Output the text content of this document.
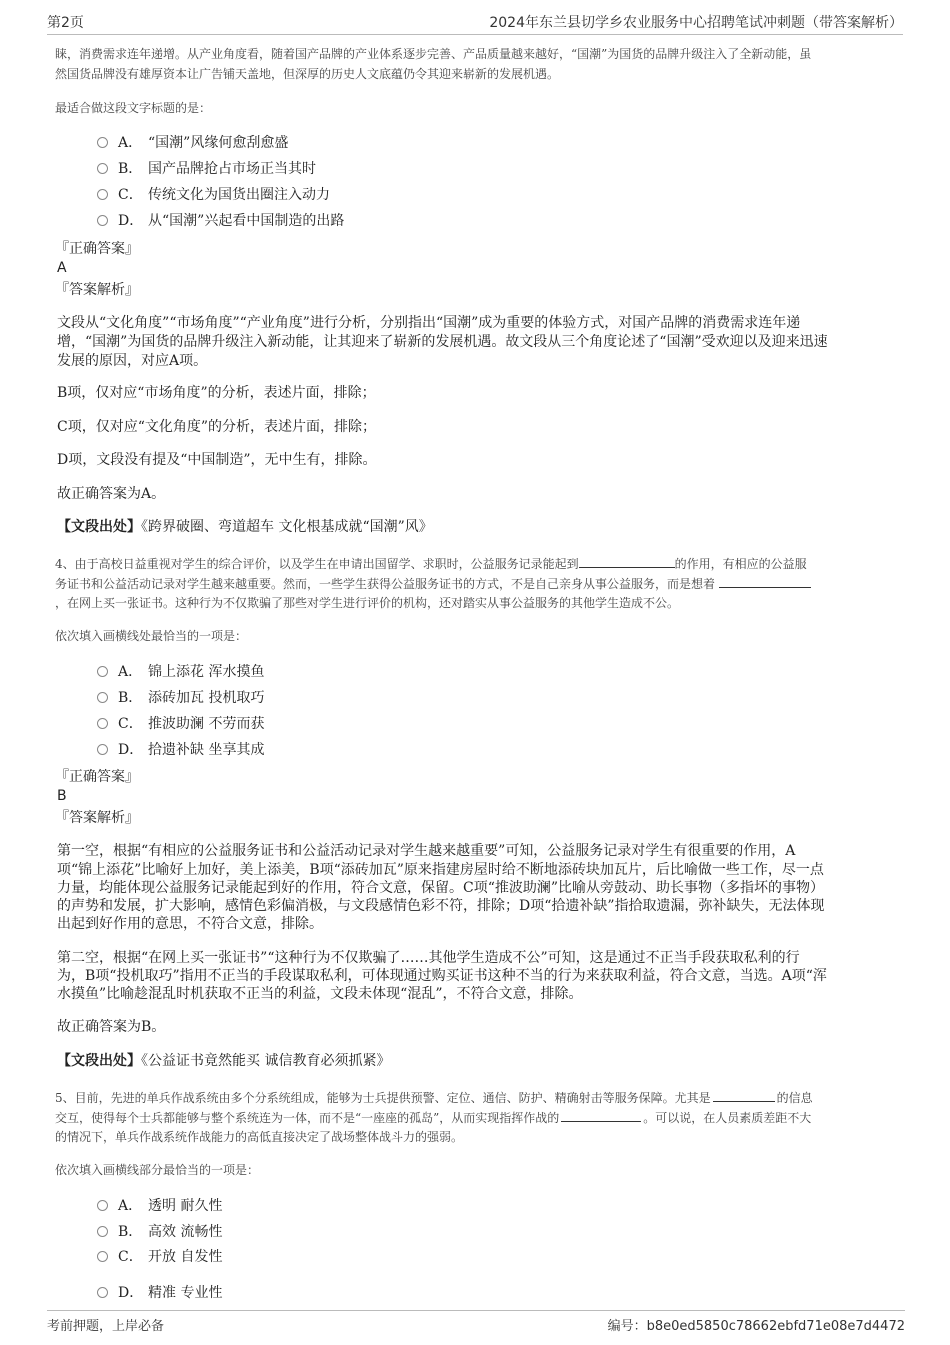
第2页	2024年东兰县切学乡农业服务中心招聘笔试冲刺题（带答案解析）
睐，消费需求连年递增。从产业角度看，随着国产品牌的产业体系逐步完善、产品质量越来越好，“国潮”为国货的品牌升级注入了全新动能，虽
然国货品牌没有雄厚资本让广告铺天盖地，但深厚的历史人文底蕴仍令其迎来崭新的发展机遇。
最适合做这段文字标题的是：
A． “国潮”风缘何愈刮愈盛
B． 国产品牌抢占市场正当其时
C． 传统文化为国货出圈注入动力
D． 从“国潮”兴起看中国制造的出路
『正确答案』
A
『答案解析』
文段从“文化角度”“市场角度”“产业角度”进行分析，分别指出“国潮”成为重要的体验方式，对国产品牌的消费需求连年递
增，“国潮”为国货的品牌升级注入新动能，让其迎来了崭新的发展机遇。故文段从三个角度论述了“国潮”受欢迎以及迎来迅速
发展的原因，对应A项。
B项，仅对应“市场角度”的分析，表述片面，排除；
C项，仅对应“文化角度”的分析，表述片面，排除；
D项，文段没有提及“中国制造”，无中生有，排除。
故正确答案为A。
【文段出处】《跨界破圈、弯道超车 文化根基成就“国潮”风》
4、由于高校日益重视对学生的综合评价，以及学生在申请出国留学、求职时，公益服务记录能起到	的作用，有相应的公益服
务证书和公益活动记录对学生越来越重要。然而，一些学生获得公益服务证书的方式，不是自己亲身从事公益服务，而是想着
，在网上买一张证书。这种行为不仅欺骗了那些对学生进行评价的机构，还对踏实从事公益服务的其他学生造成不公。
依次填入画横线处最恰当的一项是：
A． 锦上添花 浑水摸鱼
B． 添砖加瓦 投机取巧
C． 推波助澜 不劳而获
D． 拾遗补缺 坐享其成
『正确答案』
B
『答案解析』
第一空，根据“有相应的公益服务证书和公益活动记录对学生越来越重要”可知，公益服务记录对学生有很重要的作用，A
项“锦上添花”比喻好上加好，美上添美，B项“添砖加瓦”原来指建房屋时给不断地添砖块加瓦片，后比喻做一些工作，尽一点
力量，均能体现公益服务记录能起到好的作用，符合文意，保留。C项“推波助澜”比喻从旁鼓动、助长事物（多指坏的事物）
的声势和发展，扩大影响，感情色彩偏消极，与文段感情色彩不符，排除；D项“拾遗补缺”指拾取遗漏，弥补缺失，无法体现
出起到好作用的意思，不符合文意，排除。
第二空，根据“在网上买一张证书”“这种行为不仅欺骗了……其他学生造成不公”可知，这是通过不正当手段获取私利的行
为，B项“投机取巧”指用不正当的手段谋取私利，可体现通过购买证书这种不当的行为来获取利益，符合文意，当选。A项“浑
水摸鱼”比喻趁混乱时机获取不正当的利益，文段未体现“混乱”，不符合文意，排除。
故正确答案为B。
【文段出处】《公益证书竟然能买 诚信教育必须抓紧》
5、目前，先进的单兵作战系统由多个分系统组成，能够为士兵提供预警、定位、通信、防护、精确射击等服务保障。尤其是	的信息
交互，使得每个士兵都能够与整个系统连为一体，而不是“一座座的孤岛”，从而实现指挥作战的	。可以说，在人员素质差距不大
的情况下，单兵作战系统作战能力的高低直接决定了战场整体战斗力的强弱。
依次填入画横线部分最恰当的一项是：
A． 透明 耐久性
B． 高效 流畅性
C． 开放 自发性
D． 精准 专业性
考前押题，上岸必备	编号：b8e0ed5850c78662ebfd71e08e7d4472
